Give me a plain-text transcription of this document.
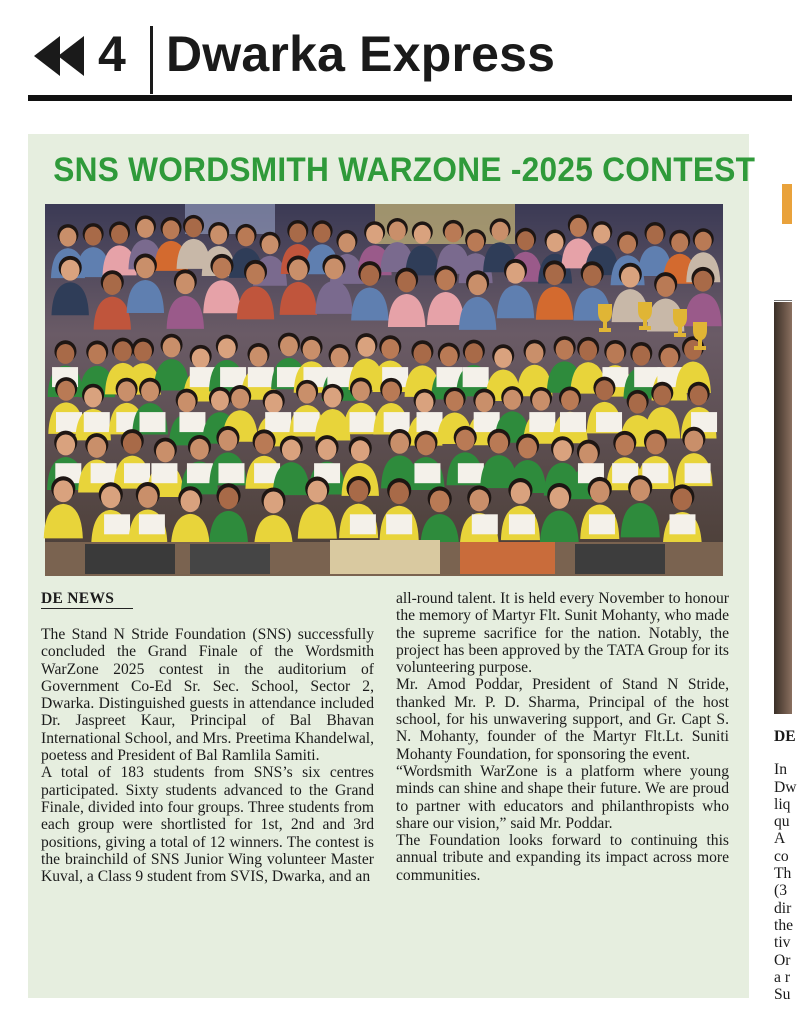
4 Dwarka Express
SNS WORDSMITH WARZONE -2025 CONTEST
DE NEWS

The Stand N Stride Foundation (SNS) successfully concluded the Grand Finale of the Wordsmith WarZone 2025 contest in the auditorium of Government Co-Ed Sr. Sec. School, Sector 2, Dwarka. Distinguished guests in attendance included Dr. Jaspreet Kaur, Principal of Bal Bhavan International School, and Mrs. Preetima Khandelwal, poetess and President of Bal Ramlila Samiti.

A total of 183 students from SNS’s six centres participated. Sixty students advanced to the Grand Finale, divided into four groups. Three students from each group were shortlisted for 1st, 2nd and 3rd positions, giving a total of 12 winners. The contest is the brainchild of SNS Junior Wing volunteer Master Kuval, a Class 9 student from SVIS, Dwarka, and an

all-round talent. It is held every November to honour the memory of Martyr Flt. Sunit Mohanty, who made the supreme sacrifice for the nation. Notably, the project has been approved by the TATA Group for its volunteering purpose.

Mr. Amod Poddar, President of Stand N Stride, thanked Mr. P. D. Sharma, Principal of the host school, for his unwavering support, and Gr. Capt S. N. Mohanty, founder of the Martyr Flt.Lt. Suniti Mohanty Foundation, for sponsoring the event.

“Wordsmith WarZone is a platform where young minds can shine and shape their future. We are proud to partner with educators and philanthropists who share our vision,” said Mr. Poddar.

The Foundation looks forward to continuing this annual tribute and expanding its impact across more communities.

DE
In
Dw
liq
qu
A
co
Th
(3
dir
the
tiv
Or
a r
Su
